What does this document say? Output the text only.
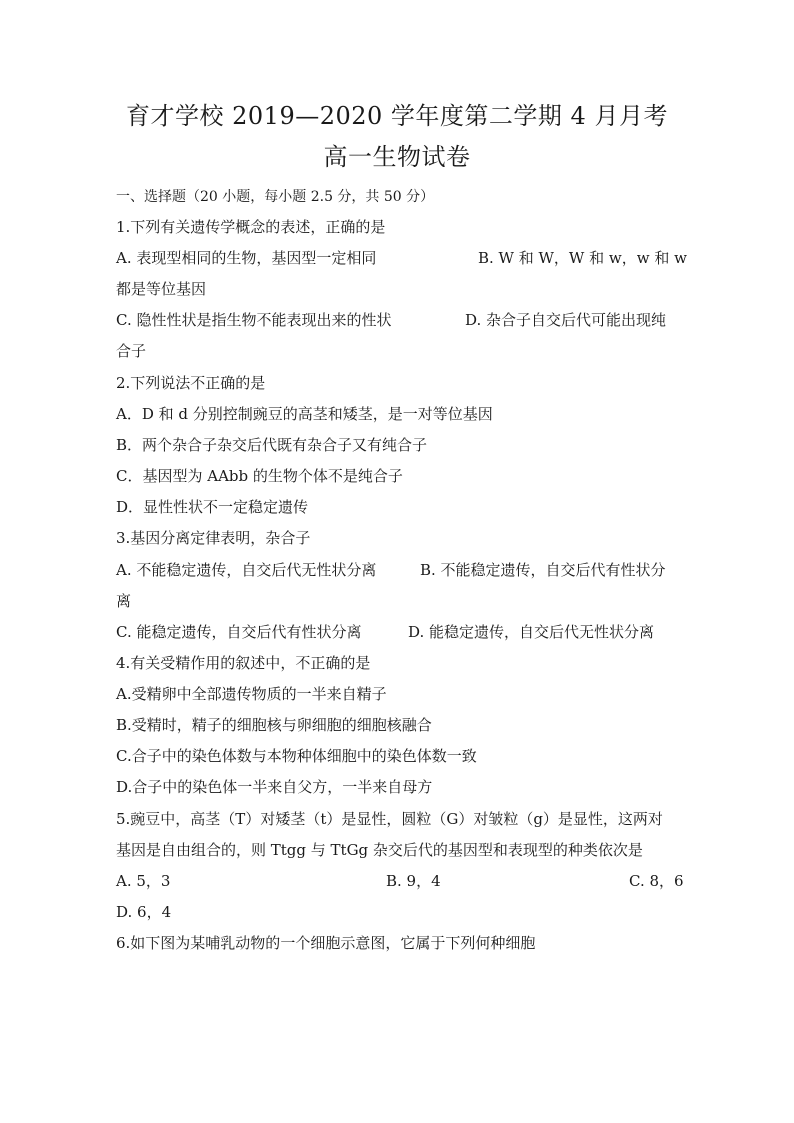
育才学校 2019—2020 学年度第二学期 4 月月考
高一生物试卷
一、选择题（20 小题，每小题 2.5 分，共 50 分）
1.下列有关遗传学概念的表述，正确的是
A. 表现型相同的生物，基因型一定相同	B. W 和 W，W 和 w，w 和 w
都是等位基因
C. 隐性性状是指生物不能表现出来的性状	D. 杂合子自交后代可能出现纯
合子
2.下列说法不正确的是
A．D 和 d 分别控制豌豆的高茎和矮茎，是一对等位基因
B．两个杂合子杂交后代既有杂合子又有纯合子
C．基因型为 AAbb 的生物个体不是纯合子
D．显性性状不一定稳定遗传
3.基因分离定律表明，杂合子
A. 不能稳定遗传，自交后代无性状分离	B. 不能稳定遗传，自交后代有性状分
离
C. 能稳定遗传，自交后代有性状分离	D. 能稳定遗传，自交后代无性状分离
4.有关受精作用的叙述中，不正确的是
A.受精卵中全部遗传物质的一半来自精子
B.受精时，精子的细胞核与卵细胞的细胞核融合
C.合子中的染色体数与本物种体细胞中的染色体数一致
D.合子中的染色体一半来自父方，一半来自母方
5.豌豆中，高茎（T）对矮茎（t）是显性，圆粒（G）对皱粒（g）是显性，这两对
基因是自由组合的，则 Ttgg 与 TtGg 杂交后代的基因型和表现型的种类依次是
A. 5，3	B. 9，4	C. 8，6
D. 6，4
6.如下图为某哺乳动物的一个细胞示意图，它属于下列何种细胞
